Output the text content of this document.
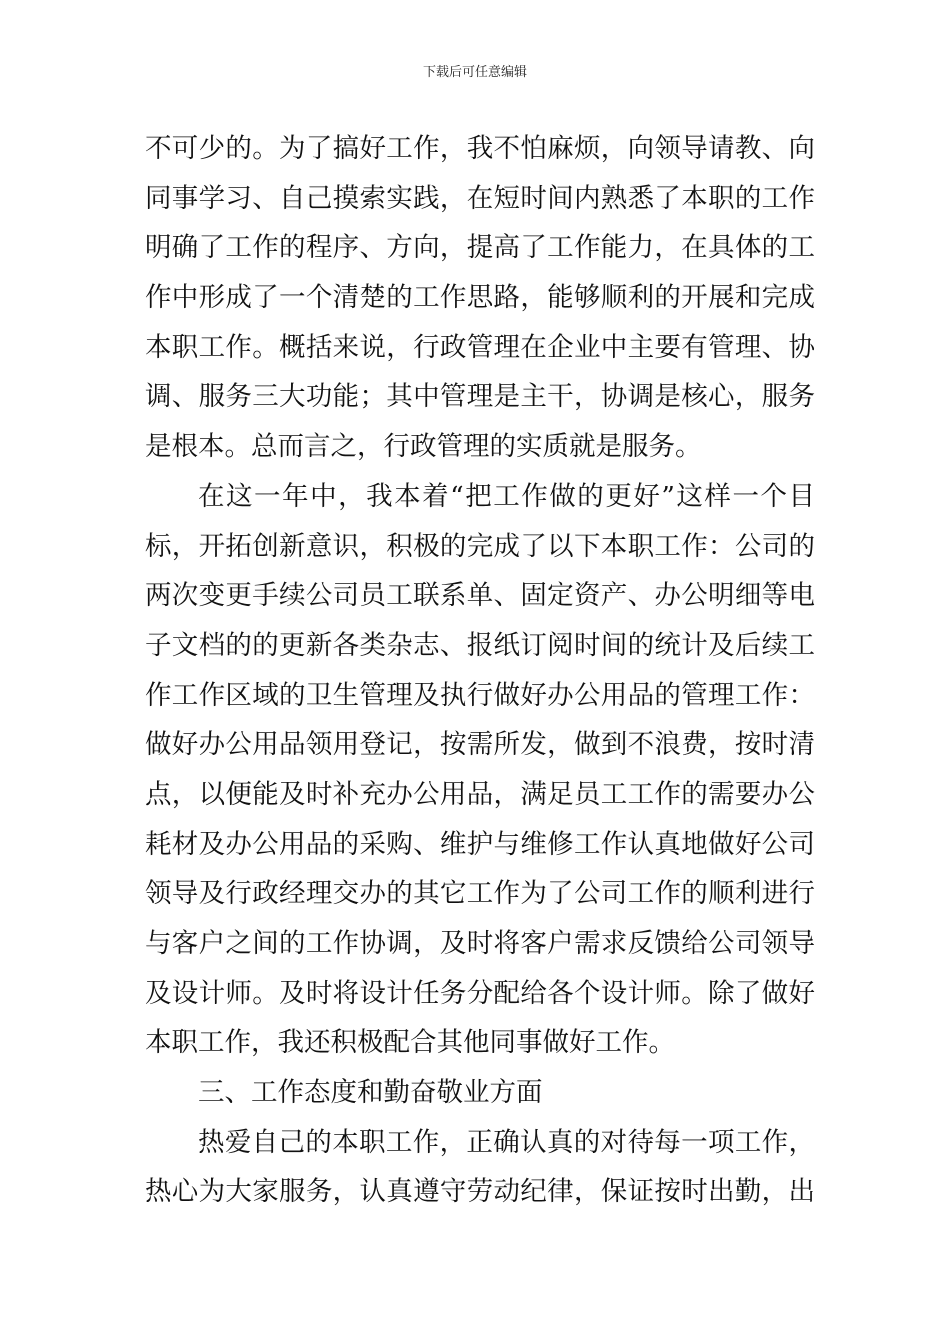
下载后可任意编辑
不可少的。为了搞好工作，我不怕麻烦，向领导请教、向
同事学习、自己摸索实践，在短时间内熟悉了本职的工作
明确了工作的程序、方向，提高了工作能力，在具体的工
作中形成了一个清楚的工作思路，能够顺利的开展和完成
本职工作。概括来说，行政管理在企业中主要有管理、协
调、服务三大功能；其中管理是主干，协调是核心，服务
是根本。总而言之，行政管理的实质就是服务。
在这一年中，我本着“把工作做的更好”这样一个目
标，开拓创新意识，积极的完成了以下本职工作：公司的
两次变更手续公司员工联系单、固定资产、办公明细等电
子文档的的更新各类杂志、报纸订阅时间的统计及后续工
作工作区域的卫生管理及执行做好办公用品的管理工作：
做好办公用品领用登记，按需所发，做到不浪费，按时清
点，以便能及时补充办公用品，满足员工工作的需要办公
耗材及办公用品的采购、维护与维修工作认真地做好公司
领导及行政经理交办的其它工作为了公司工作的顺利进行
与客户之间的工作协调，及时将客户需求反馈给公司领导
及设计师。及时将设计任务分配给各个设计师。除了做好
本职工作，我还积极配合其他同事做好工作。
三、工作态度和勤奋敬业方面
热爱自己的本职工作，正确认真的对待每一项工作，
热心为大家服务，认真遵守劳动纪律，保证按时出勤，出
